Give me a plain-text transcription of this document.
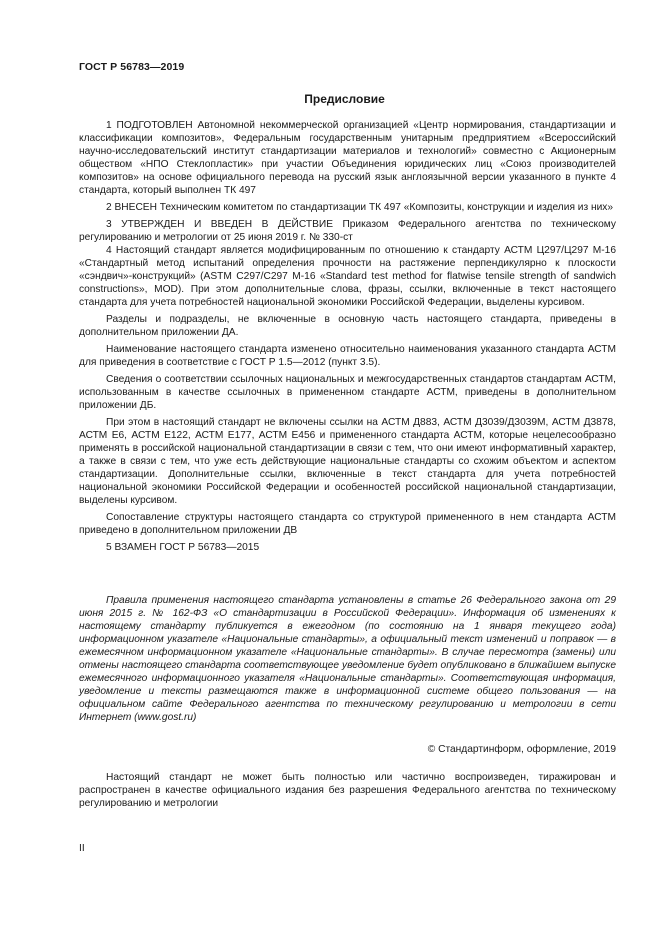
ГОСТ Р 56783—2019
Предисловие

1 ПОДГОТОВЛЕН Автономной некоммерческой организацией «Центр нормирования, стандартизации и классификации композитов», Федеральным государственным унитарным предприятием «Всероссийский научно-исследовательский институт стандартизации материалов и технологий» совместно с Акционерным обществом «НПО Стеклопластик» при участии Объединения юридических лиц «Союз производителей композитов» на основе официального перевода на русский язык англоязычной версии указанного в пункте 4 стандарта, который выполнен ТК 497

2 ВНЕСЕН Техническим комитетом по стандартизации ТК 497 «Композиты, конструкции и изделия из них»

3 УТВЕРЖДЕН И ВВЕДЕН В ДЕЙСТВИЕ Приказом Федерального агентства по техническому регулированию и метрологии от 25 июня 2019 г. № 330-ст

4 Настоящий стандарт является модифицированным по отношению к стандарту АСТМ Ц297/Ц297 М-16 «Стандартный метод испытаний определения прочности на растяжение перпендикулярно к плоскости «сэндвич»-конструкций» (ASTM C297/C297 M-16 «Standard test method for flatwise tensile strength of sandwich constructions», MOD). При этом дополнительные слова, фразы, ссылки, включенные в текст настоящего стандарта для учета потребностей национальной экономики Российской Федерации, выделены курсивом.

Разделы и подразделы, не включенные в основную часть настоящего стандарта, приведены в дополнительном приложении ДА.

Наименование настоящего стандарта изменено относительно наименования указанного стандарта АСТМ для приведения в соответствие с ГОСТ Р 1.5—2012 (пункт 3.5).

Сведения о соответствии ссылочных национальных и межгосударственных стандартов стандартам АСТМ, использованным в качестве ссылочных в примененном стандарте АСТМ, приведены в дополнительном приложении ДБ.

При этом в настоящий стандарт не включены ссылки на АСТМ Д883, АСТМ Д3039/Д3039М, АСТМ Д3878, АСТМ Е6, АСТМ Е122, АСТМ Е177, АСТМ Е456 и примененного стандарта АСТМ, которые нецелесообразно применять в российской национальной стандартизации в связи с тем, что они имеют информативный характер, а также в связи с тем, что уже есть действующие национальные стандарты со схожим объектом и аспектом стандартизации. Дополнительные ссылки, включенные в текст стандарта для учета потребностей национальной экономики Российской Федерации и особенностей российской национальной стандартизации, выделены курсивом.

Сопоставление структуры настоящего стандарта со структурой примененного в нем стандарта АСТМ приведено в дополнительном приложении ДВ

5 ВЗАМЕН ГОСТ Р 56783—2015

Правила применения настоящего стандарта установлены в статье 26 Федерального закона от 29 июня 2015 г. № 162-ФЗ «О стандартизации в Российской Федерации». Информация об изменениях к настоящему стандарту публикуется в ежегодном (по состоянию на 1 января текущего года) информационном указателе «Национальные стандарты», а официальный текст изменений и поправок — в ежемесячном информационном указателе «Национальные стандарты». В случае пересмотра (замены) или отмены настоящего стандарта соответствующее уведомление будет опубликовано в ближайшем выпуске ежемесячного информационного указателя «Национальные стандарты». Соответствующая информация, уведомление и тексты размещаются также в информационной системе общего пользования — на официальном сайте Федерального агентства по техническому регулированию и метрологии в сети Интернет (www.gost.ru)
© Стандартинформ, оформление, 2019
Настоящий стандарт не может быть полностью или частично воспроизведен, тиражирован и распространен в качестве официального издания без разрешения Федерального агентства по техническому регулированию и метрологии
II
